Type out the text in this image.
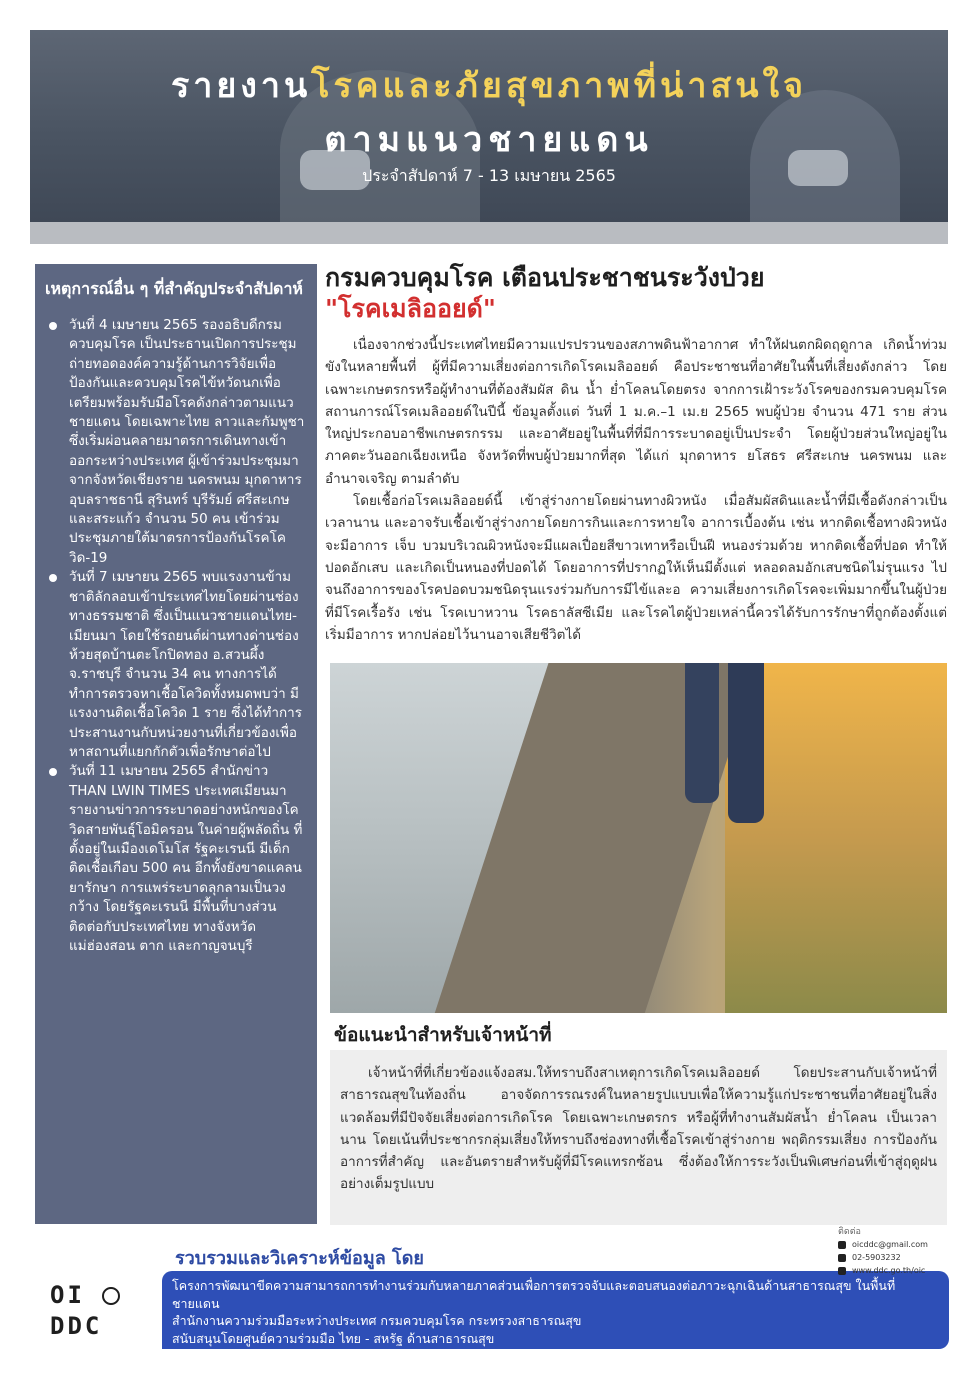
รายงานโรคและภัยสุขภาพที่น่าสนใจ
ตามแนวชายแดน
ประจำสัปดาห์ 7 - 13 เมษายน 2565
เหตุการณ์อื่น ๆ ที่สำคัญประจำสัปดาห์
วันที่ 4 เมษายน 2565 รองอธิบดีกรมควบคุมโรค เป็นประธานเปิดการประชุมถ่ายทอดองค์ความรู้ด้านการวิจัยเพื่อป้องกันและควบคุมโรคไข้หวัดนกเพื่อเตรียมพร้อมรับมือโรคดังกล่าวตามแนวชายแดน โดยเฉพาะไทย ลาวและกัมพูชา ซึ่งเริ่มผ่อนคลายมาตรการเดินทางเข้าออกระหว่างประเทศ ผู้เข้าร่วมประชุมมาจากจังหวัดเชียงราย นครพนม มุกดาหาร อุบลราชธานี สุรินทร์ บุรีรัมย์ ศรีสะเกษ และสระแก้ว จำนวน 50 คน เข้าร่วมประชุมภายใต้มาตรการป้องกันโรคโควิด-19
วันที่ 7 เมษายน 2565 พบแรงงานข้ามชาติลักลอบเข้าประเทศไทยโดยผ่านช่องทางธรรมชาติ ซึ่งเป็นแนวชายแดนไทย-เมียนมา โดยใช้รถยนต์ผ่านทางด่านช่องห้วยสุดบ้านตะโกปิดทอง อ.สวนผึ้ง จ.ราชบุรี จำนวน 34 คน ทางการได้ทำการตรวจหาเชื้อโควิดทั้งหมดพบว่า มีแรงงานติดเชื้อโควิด 1 ราย ซึ่งได้ทำการประสานงานกับหน่วยงานที่เกี่ยวข้องเพื่อหาสถานที่แยกกักตัวเพื่อรักษาต่อไป
วันที่ 11 เมษายน 2565 สำนักข่าว THAN LWIN TIMES ประเทศเมียนมา รายงานข่าวการระบาดอย่างหนักของโควิดสายพันธุ์โอมิครอน ในค่ายผู้พลัดถิ่น ที่ตั้งอยู่ในเมืองเดโมโส รัฐคะเรนนี มีเด็กติดเชื้อเกือบ 500 คน อีกทั้งยังขาดแคลนยารักษา การแพร่ระบาดลุกลามเป็นวงกว้าง โดยรัฐคะเรนนี มีพื้นที่บางส่วนติดต่อกับประเทศไทย ทางจังหวัดแม่ฮ่องสอน ตาก และกาญจนบุรี
กรมควบคุมโรค เตือนประชาชนระวังป่วย
"โรคเมลิออยด์"

เนื่องจากช่วงนี้ประเทศไทยมีความแปรปรวนของสภาพดินฟ้าอากาศ ทำให้ฝนตกผิดฤดูกาล เกิดน้ำท่วมขังในหลายพื้นที่ ผู้ที่มีความเสี่ยงต่อการเกิดโรคเมลิออยด์ คือประชาชนที่อาศัยในพื้นที่เสี่ยงดังกล่าว โดยเฉพาะเกษตรกรหรือผู้ทำงานที่ต้องสัมผัส ดิน น้ำ ย่ำโคลนโดยตรง จากการเฝ้าระวังโรคของกรมควบคุมโรค สถานการณ์โรคเมลิออยด์ในปีนี้ ข้อมูลตั้งแต่ วันที่ 1 ม.ค.–1 เม.ย 2565 พบผู้ป่วย จำนวน 471 ราย ส่วนใหญ่ประกอบอาชีพเกษตรกรรม และอาศัยอยู่ในพื้นที่ที่มีการระบาดอยู่เป็นประจำ โดยผู้ป่วยส่วนใหญ่อยู่ในภาคตะวันออกเฉียงเหนือ จังหวัดที่พบผู้ป่วยมากที่สุด ได้แก่ มุกดาหาร ยโสธร ศรีสะเกษ นครพนม และอำนาจเจริญ ตามลำดับ

โดยเชื้อก่อโรคเมลิออยด์นี้ เข้าสู่ร่างกายโดยผ่านทางผิวหนัง เมื่อสัมผัสดินและน้ำที่มีเชื้อดังกล่าวเป็นเวลานาน และอาจรับเชื้อเข้าสู่ร่างกายโดยการกินและการหายใจ อาการเบื้องต้น เช่น หากติดเชื้อทางผิวหนังจะมีอาการ เจ็บ บวมบริเวณผิวหนังจะมีแผลเปื่อยสีขาวเทาหรือเป็นฝี หนองร่วมด้วย หากติดเชื้อที่ปอด ทำให้ปอดอักเสบ และเกิดเป็นหนองที่ปอดได้ โดยอาการที่ปรากฏให้เห็นมีตั้งแต่ หลอดลมอักเสบชนิดไม่รุนแรง ไปจนถึงอาการของโรคปอดบวมชนิดรุนแรงร่วมกับการมีไข้และอ ความเสี่ยงการเกิดโรคจะเพิ่มมากขึ้นในผู้ป่วยที่มีโรคเรื้อรัง เช่น โรคเบาหวาน โรคธาลัสซีเมีย และโรคไตผู้ป่วยเหล่านี้ควรได้รับการรักษาที่ถูกต้องตั้งแต่เริ่มมีอาการ หากปล่อยไว้นานอาจเสียชีวิตได้

ข้อแนะนำสำหรับเจ้าหน้าที่

เจ้าหน้าที่ที่เกี่ยวข้องแจ้งอสม.ให้ทราบถึงสาเหตุการเกิดโรคเมลิออยด์ โดยประสานกับเจ้าหน้าที่สาธารณสุขในท้องถิ่น อาจจัดการรณรงค์ในหลายรูปแบบเพื่อให้ความรู้แก่ประชาชนที่อาศัยอยู่ในสิ่งแวดล้อมที่มีปัจจัยเสี่ยงต่อการเกิดโรค โดยเฉพาะเกษตรกร หรือผู้ที่ทำงานสัมผัสน้ำ ย่ำโคลน เป็นเวลานาน โดยเน้นที่ประชากรกลุ่มเสี่ยงให้ทราบถึงช่องทางที่เชื้อโรคเข้าสู่ร่างกาย พฤติกรรมเสี่ยง การป้องกัน อาการที่สำคัญ และอันตรายสำหรับผู้ที่มีโรคแทรกซ้อน ซึ่งต้องให้การระวังเป็นพิเศษก่อนที่เข้าสู่ฤดูฝนอย่างเต็มรูปแบบ

OI
DDC
รวบรวมและวิเคราะห์ข้อมูล โดย
โครงการพัฒนาขีดความสามารถการทำงานร่วมกับหลายภาคส่วนเพื่อการตรวจจับและตอบสนองต่อภาวะฉุกเฉินด้านสาธารณสุข ในพื้นที่ชายแดน
สำนักงานความร่วมมือระหว่างประเทศ กรมควบคุมโรค กระทรวงสาธารณสุข
สนับสนุนโดยศูนย์ความร่วมมือ ไทย - สหรัฐ ด้านสาธารณสุข
ติดต่อ
oicddc@gmail.com
02-5903232
www.ddc.go.th/oic
